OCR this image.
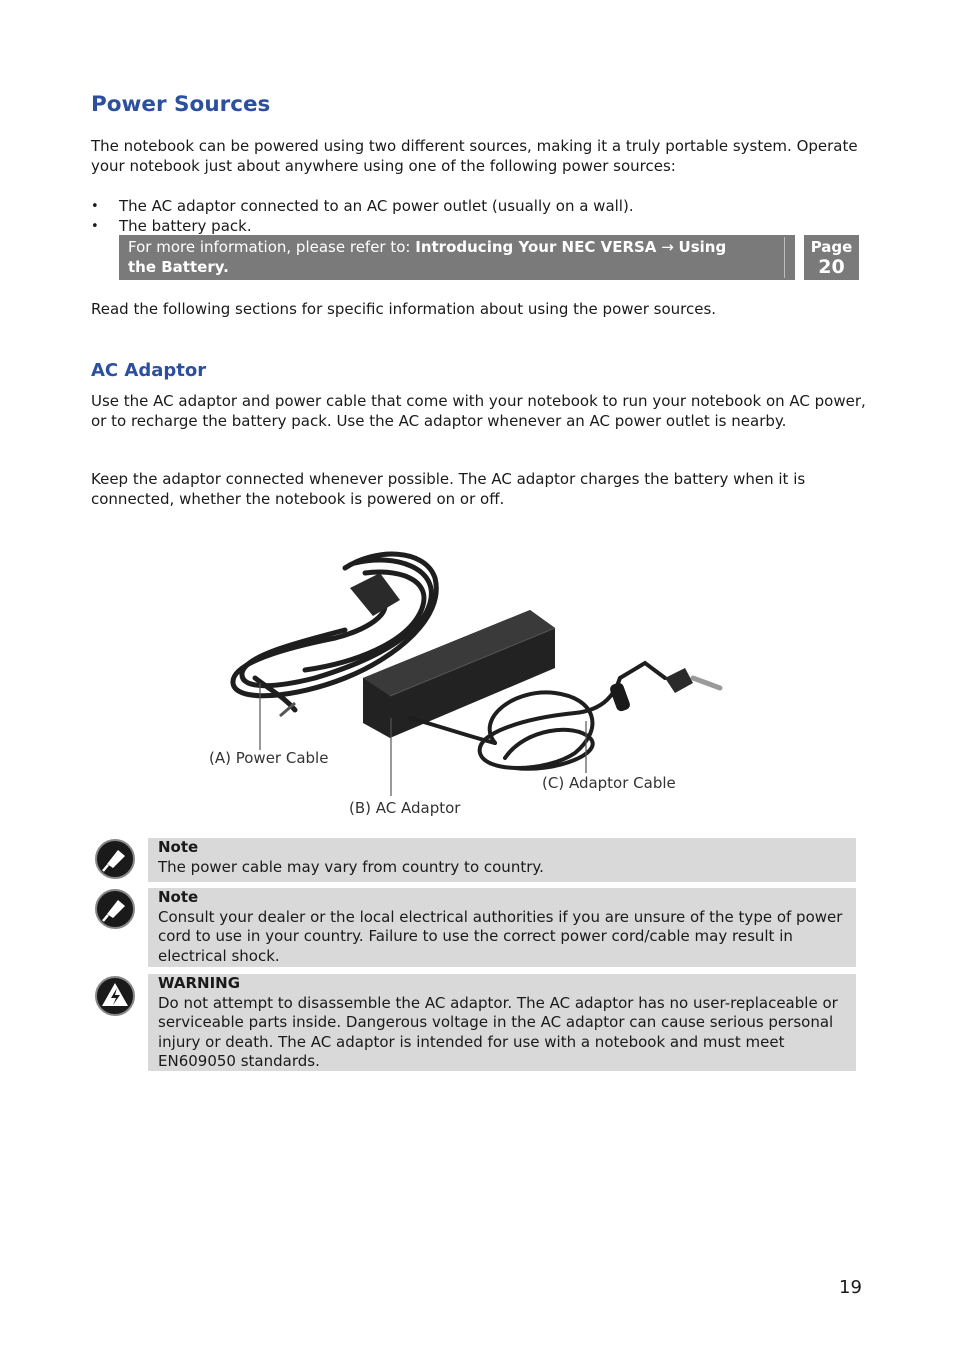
Power Sources

The notebook can be powered using two different sources, making it a truly portable system. Operate your notebook just about anywhere using one of the following power sources:

• The AC adaptor connected to an AC power outlet (usually on a wall).
• The battery pack.
For more information, please refer to: Introducing Your NEC VERSA → Using
the Battery.
Page
20

Read the following sections for specific information about using the power sources.

AC Adaptor

Use the AC adaptor and power cable that come with your notebook to run your notebook on AC power, or to recharge the battery pack. Use the AC adaptor whenever an AC power outlet is nearby.

Keep the adaptor connected whenever possible. The AC adaptor charges the battery when it is connected, whether the notebook is powered on or off.

(A) Power Cable
(B) AC Adaptor
(C) Adaptor Cable
Note
The power cable may vary from country to country.
Note
Consult your dealer or the local electrical authorities if you are unsure of the type of power cord to use in your country. Failure to use the correct power cord/cable may result in electrical shock.
WARNING
Do not attempt to disassemble the AC adaptor. The AC adaptor has no user-replaceable or serviceable parts inside. Dangerous voltage in the AC adaptor can cause serious personal injury or death. The AC adaptor is intended for use with a notebook and must meet EN609050 standards.
19
